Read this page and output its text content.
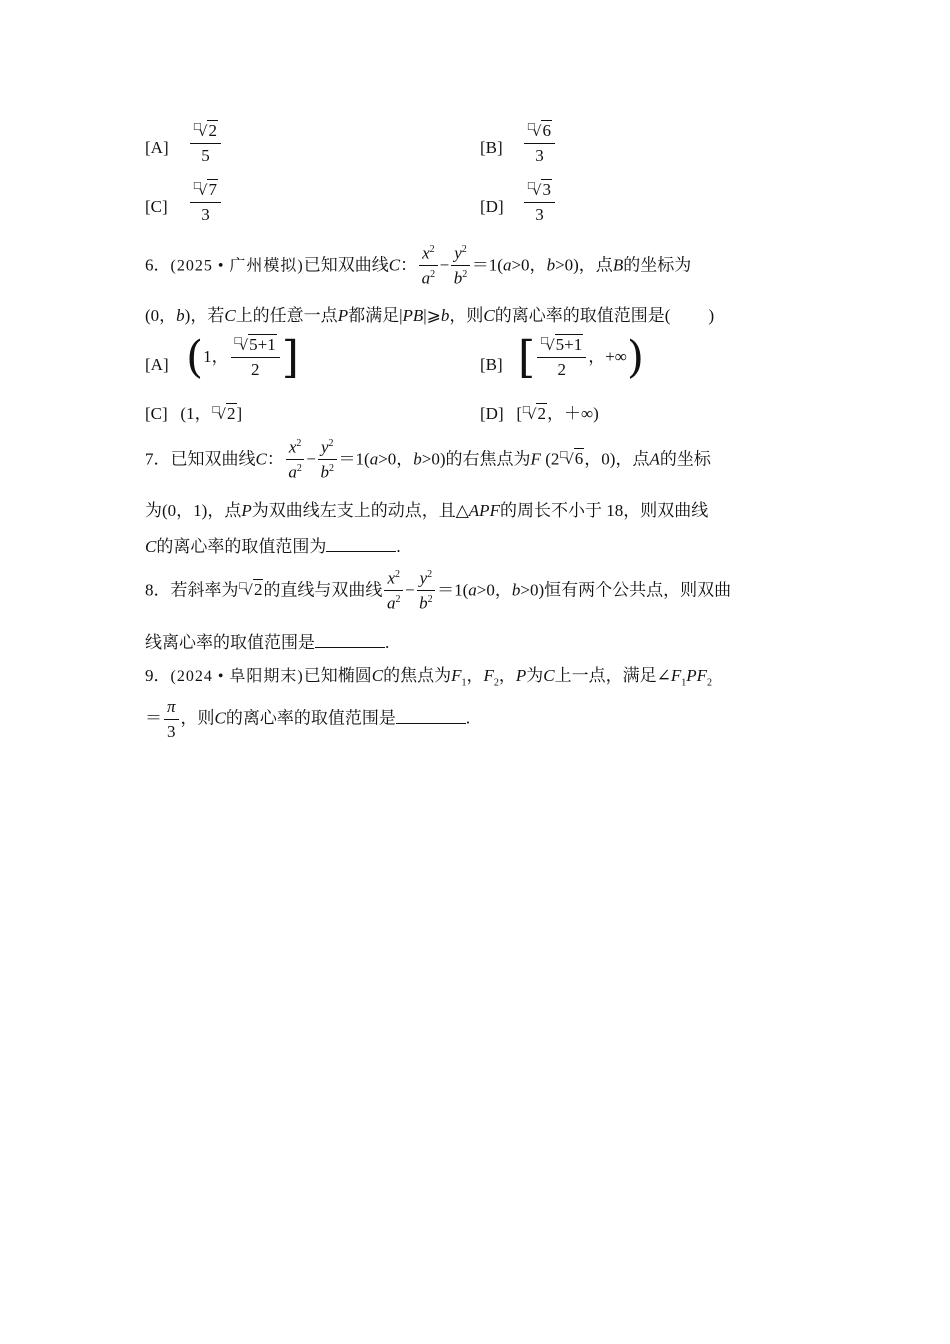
$[A] \frac{^□√2}{5}$	$[B] \frac{^□√6}{3}$
$[C] \frac{^□√7}{3}$	$[D] \frac{^□√3}{3}$
6．(2025 • 广州模拟)已知双曲线C： $\frac{x^2}{a^2} - \frac{y^2}{b^2} =1(a>0$，b>0)，点B的坐标为
(0，b)，若C上的任意一点P都满足|PB|⩾b，则C的离心率的取值范围是( )
[A] (1， $\frac{^□√5+1}{2}$ ]	[B] [ $\frac{^□√5+1}{2}$ ，+∞)
[C] (1，□√2]	[D] [□√2，＋∞)
7．已知双曲线C： $\frac{x^2}{a^2} - \frac{y^2}{b^2} =1(a>0$，b>0)的右焦点为F (2□√6，0)，点A的坐标
为(0，1)，点P为双曲线左支上的动点，且△APF的周长不小于 18，则双曲线
C的离心率的取值范围为	.
8．若斜率为□√2的直线与双曲线 $\frac{x^2}{a^2} - \frac{y^2}{b^2} =1(a>0$，b>0)恒有两个公共点，则双曲
线离心率的取值范围是	.
9．(2024 • 阜阳期末)已知椭圆C的焦点为$F_1$，$F_2$，P为C上一点，满足$\angle F_1PF_2$
＝ $\frac{\pi}{3}$ ，则C的离心率的取值范围是	.
